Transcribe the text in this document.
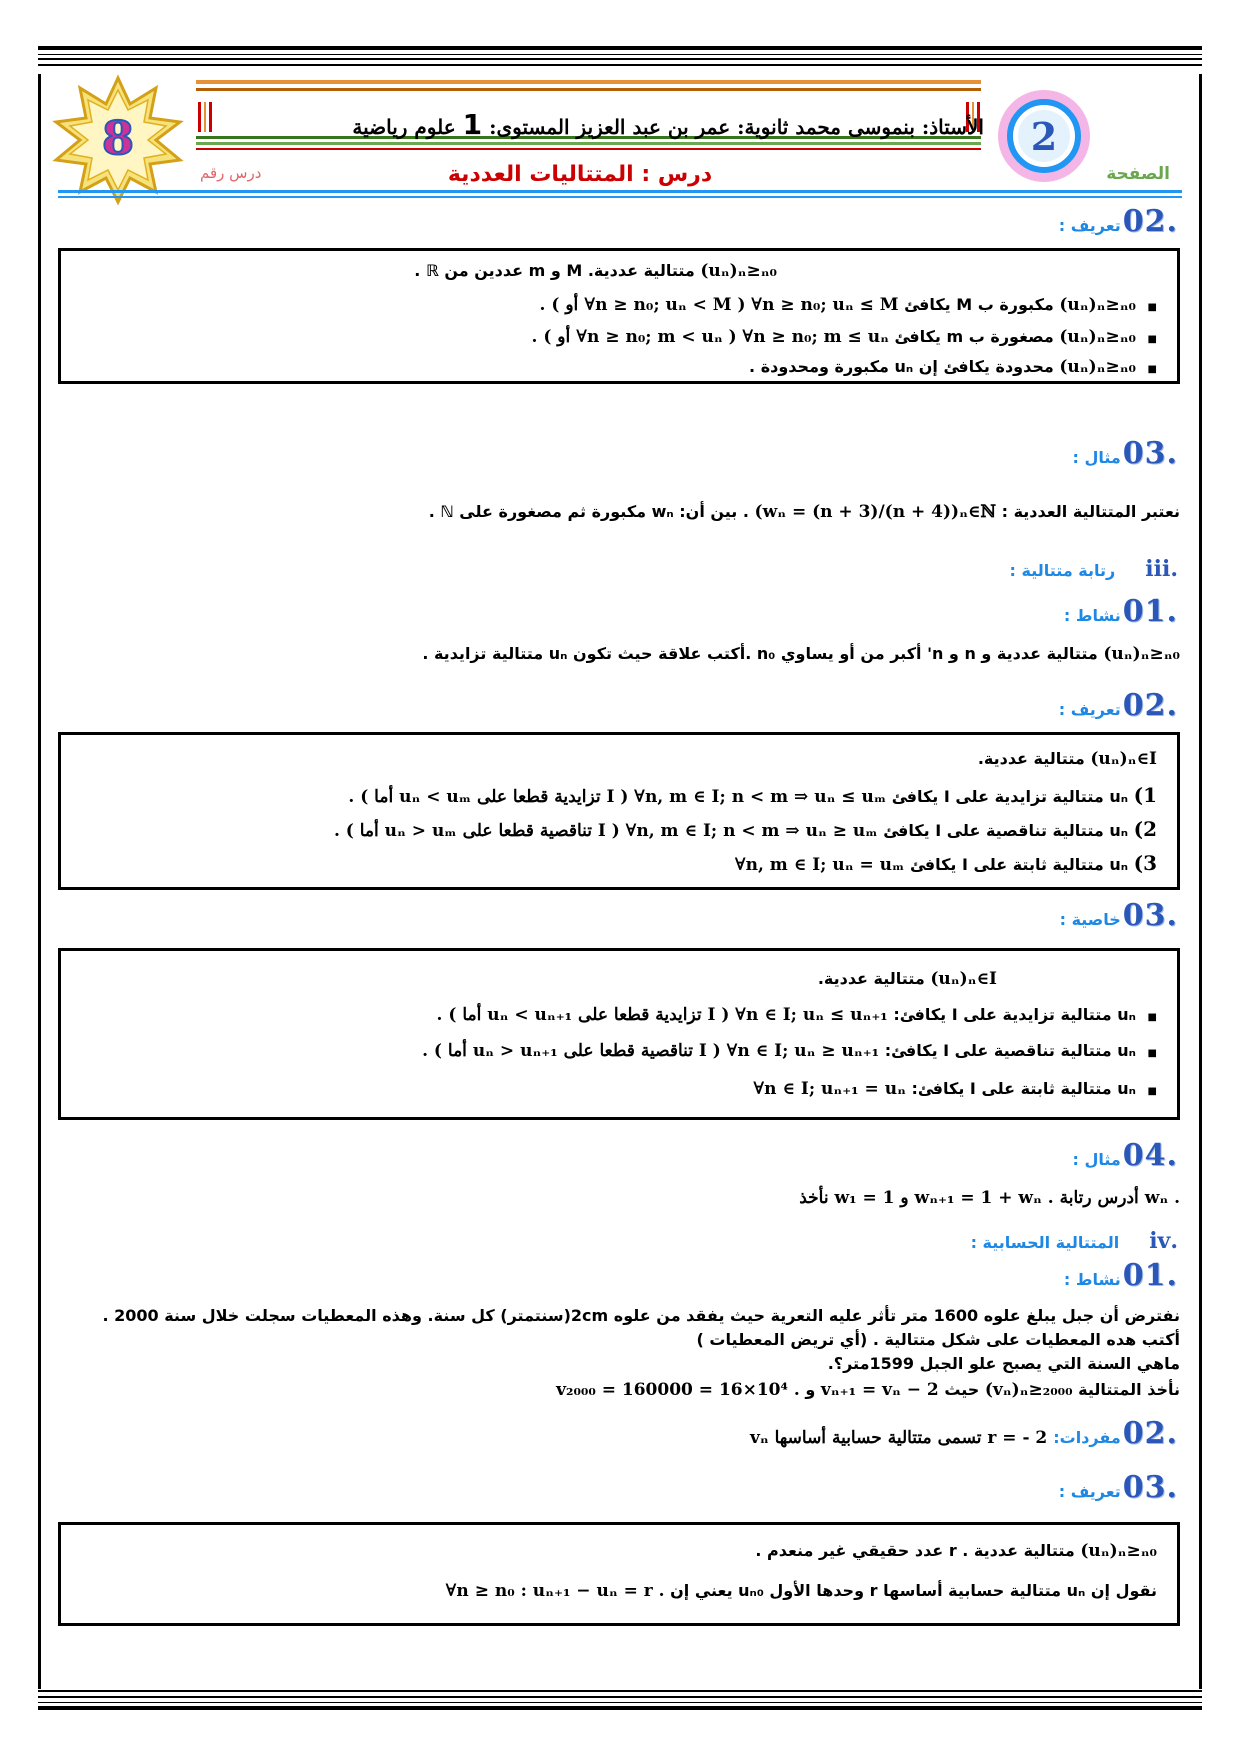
الأستاذ: بنموسى محمد ثانوية: عمر بن عبد العزيز المستوى: 1 علوم رياضية
درس : المتتاليات العددية	الصفحة
درس رقم
8	2
.02
تعريف :
(uₙ)ₙ≥ₙ₀ متتالية عددية. M و m عددين من ℝ .
■ (uₙ)ₙ≥ₙ₀ مكبورة ب M يكافئ ∀n ≥ n₀; uₙ ≤ M . ( أو ∀n ≥ n₀; uₙ < M )
■ (uₙ)ₙ≥ₙ₀ مصغورة ب m يكافئ ∀n ≥ n₀; m ≤ uₙ . ( أو ∀n ≥ n₀; m < uₙ )
■ (uₙ)ₙ≥ₙ₀ محدودة يكافئ إن uₙ مكبورة ومحدودة .
.03
مثال :
نعتبر المتتالية العددية : (wₙ = (n + 3)/(n + 4))ₙ∈ℕ . بين أن: wₙ مكبورة ثم مصغورة على ℕ .
.iii
رتابة متتالية :
.01
نشاط :
(uₙ)ₙ≥ₙ₀ متتالية عددية و n و n' أكبر من أو يساوي n₀ .أكتب علاقة حيث تكون uₙ متتالية تزايدية .
.02
تعريف :
(uₙ)ₙ∈I متتالية عددية.
1) uₙ متتالية تزايدية على I يكافئ ∀n, m ∈ I; n < m ⇒ uₙ ≤ uₘ . ( أما uₙ < uₘ تزايدية قطعا على I )
2) uₙ متتالية تناقصية على I يكافئ ∀n, m ∈ I; n < m ⇒ uₙ ≥ uₘ . ( أما uₙ > uₘ تناقصية قطعا على I )
3) uₙ متتالية ثابتة على I يكافئ ∀n, m ∈ I; uₙ = uₘ
.03
خاصية :
(uₙ)ₙ∈I متتالية عددية.
■ uₙ متتالية تزايدية على I يكافئ: ∀n ∈ I; uₙ ≤ uₙ₊₁ . ( أما uₙ < uₙ₊₁ تزايدية قطعا على I )
■ uₙ متتالية تناقصية على I يكافئ: ∀n ∈ I; uₙ ≥ uₙ₊₁ . ( أما uₙ > uₙ₊₁ تناقصية قطعا على I )
■ uₙ متتالية ثابتة على I يكافئ: ∀n ∈ I; uₙ₊₁ = uₙ
.04
مثال :
نأخذ w₁ = 1 و wₙ₊₁ = 1 + wₙ . أدرس رتابة wₙ .
.iv
المتتالية الحسابية :
.01
نشاط :
نفترض أن جبل يبلغ علوه 1600 متر تأثر عليه التعرية حيث يفقد من علوه 2cm(سنتمتر) كل سنة. وهذه المعطيات سجلت خلال سنة 2000 .
أكتب هده المعطيات على شكل متتالية . (أي تريض المعطيات )
ماهي السنة التي يصبح علو الجبل 1599متر؟.
نأخذ المتتالية (vₙ)ₙ≥₂₀₀₀ حيث vₙ₊₁ = vₙ − 2 و v₂₀₀₀ = 160000 = 16×10⁴ .
.02
مفردات:
vₙ تسمى متتالية حسابية أساسها r = - 2
.03
تعريف :
(uₙ)ₙ≥ₙ₀ متتالية عددية . r عدد حقيقي غير منعدم .
نقول إن uₙ متتالية حسابية أساسها r وحدها الأول uₙ₀ يعني إن ∀n ≥ n₀ : uₙ₊₁ − uₙ = r .
